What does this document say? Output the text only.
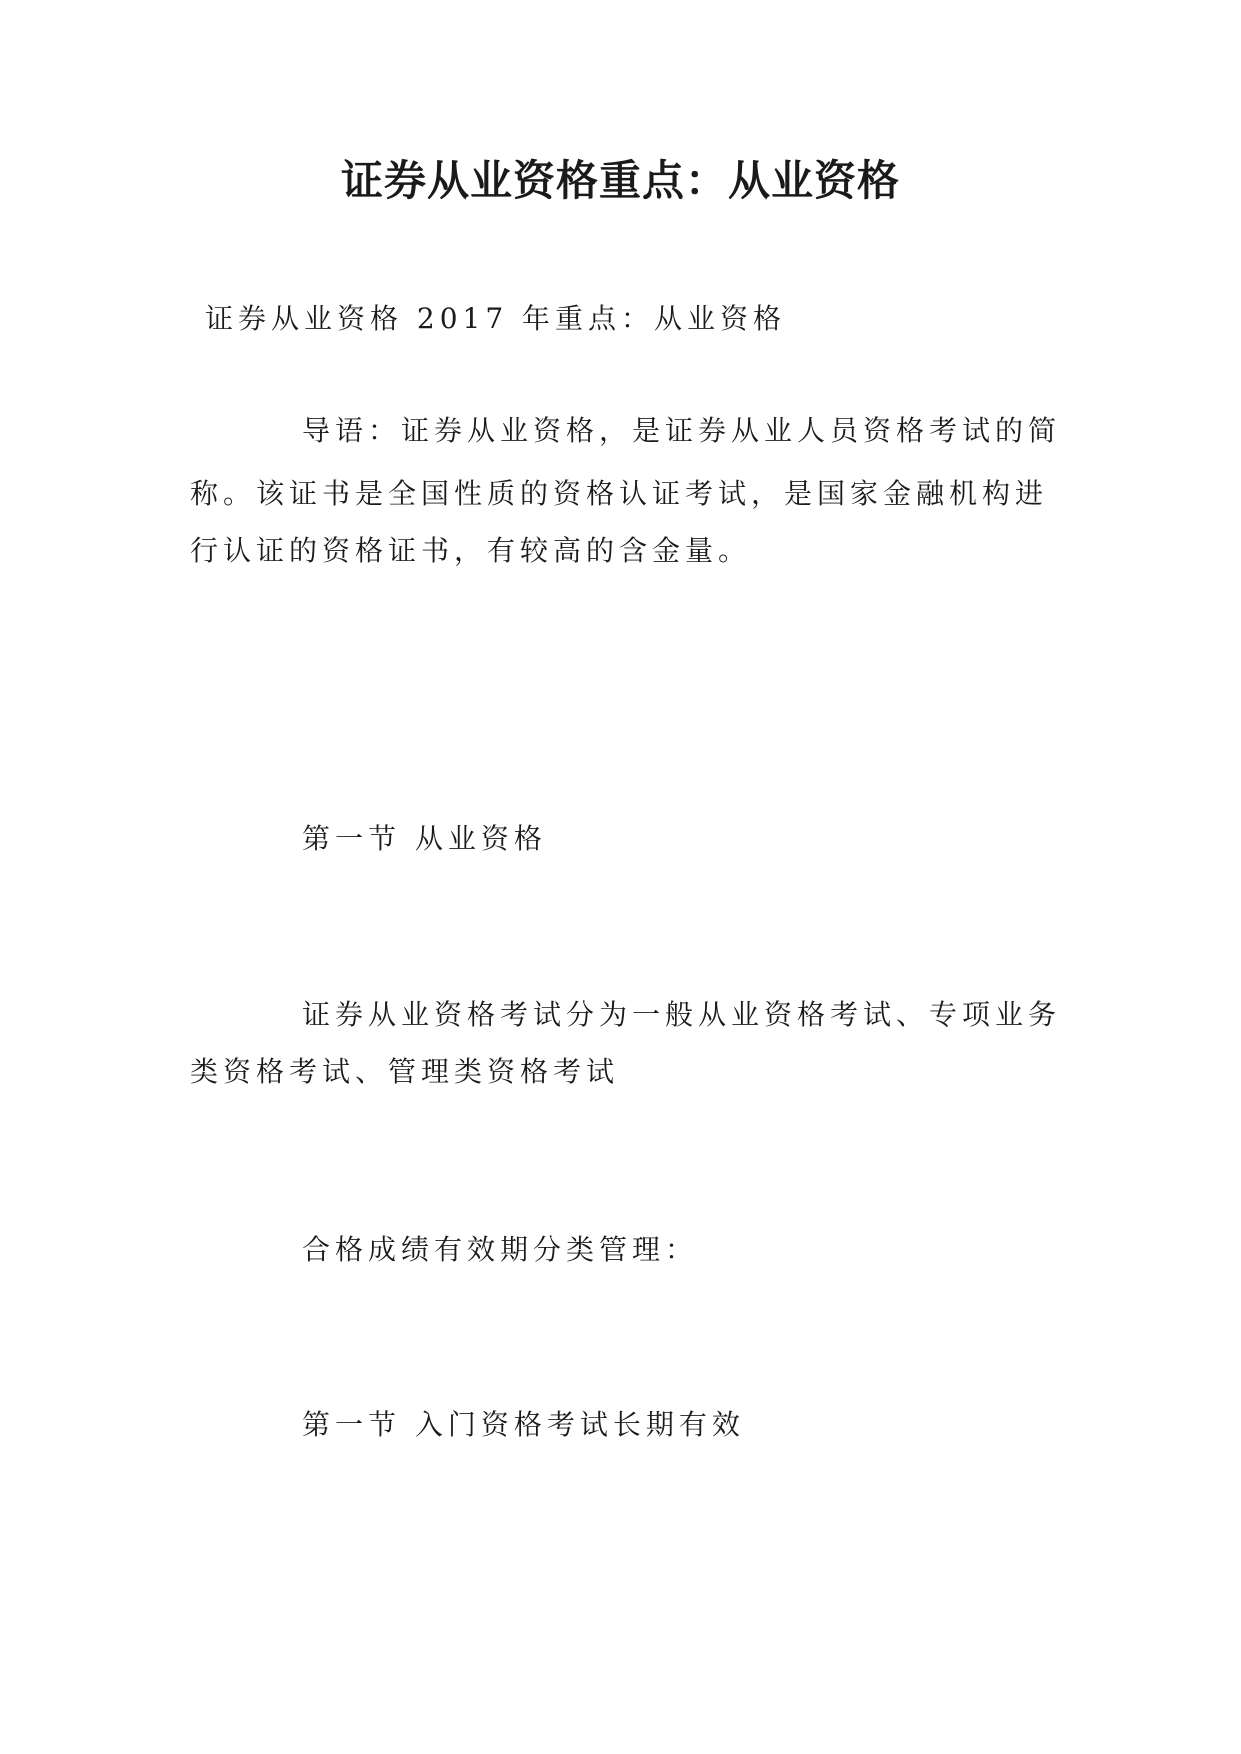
证券从业资格重点：从业资格

证券从业资格 2017 年重点：从业资格

导语：证券从业资格，是证券从业人员资格考试的简

称。该证书是全国性质的资格认证考试，是国家金融机构进

行认证的资格证书，有较高的含金量。

第一节 从业资格

证券从业资格考试分为一般从业资格考试、专项业务

类资格考试、管理类资格考试

合格成绩有效期分类管理：

第一节 入门资格考试长期有效
